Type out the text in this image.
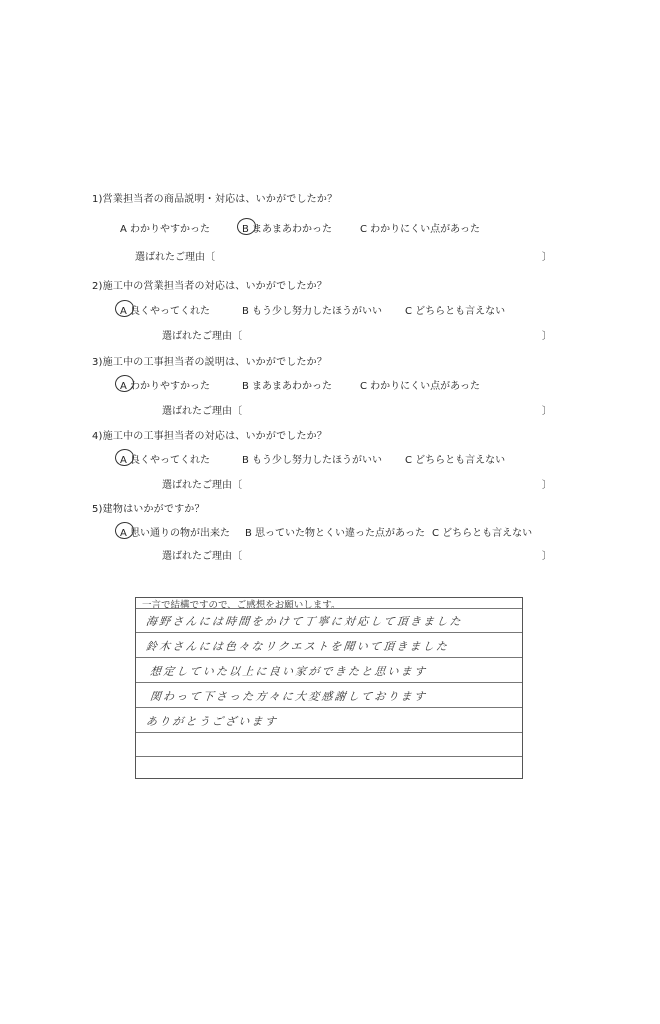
1)営業担当者の商品説明・対応は、いかがでしたか？
A わかりやすかった	B まあまあわかった	C わかりにくい点があった
選ばれたご理由〔	〕
2)施工中の営業担当者の対応は、いかがでしたか？
A 良くやってくれた	B もう少し努力したほうがいい C どちらとも言えない
選ばれたご理由〔	〕
3)施工中の工事担当者の説明は、いかがでしたか？
A わかりやすかった	B まあまあわかった	C わかりにくい点があった
選ばれたご理由〔	〕
4)施工中の工事担当者の対応は、いかがでしたか？
A 良くやってくれた	B もう少し努力したほうがいい C どちらとも言えない
選ばれたご理由〔	〕
5)建物はいかがですか？
A 思い通りの物が出来た B 思っていた物とくい違った点があった C どちらとも言えない
選ばれたご理由〔	〕
一言で結構ですので、ご感想をお願いします。
海野さんには時間をかけて丁寧に対応して頂きました
鈴木さんには色々なリクエストを聞いて頂きました
想定していた以上に良い家ができたと思います
関わって下さった方々に大変感謝しております
ありがとうございます
